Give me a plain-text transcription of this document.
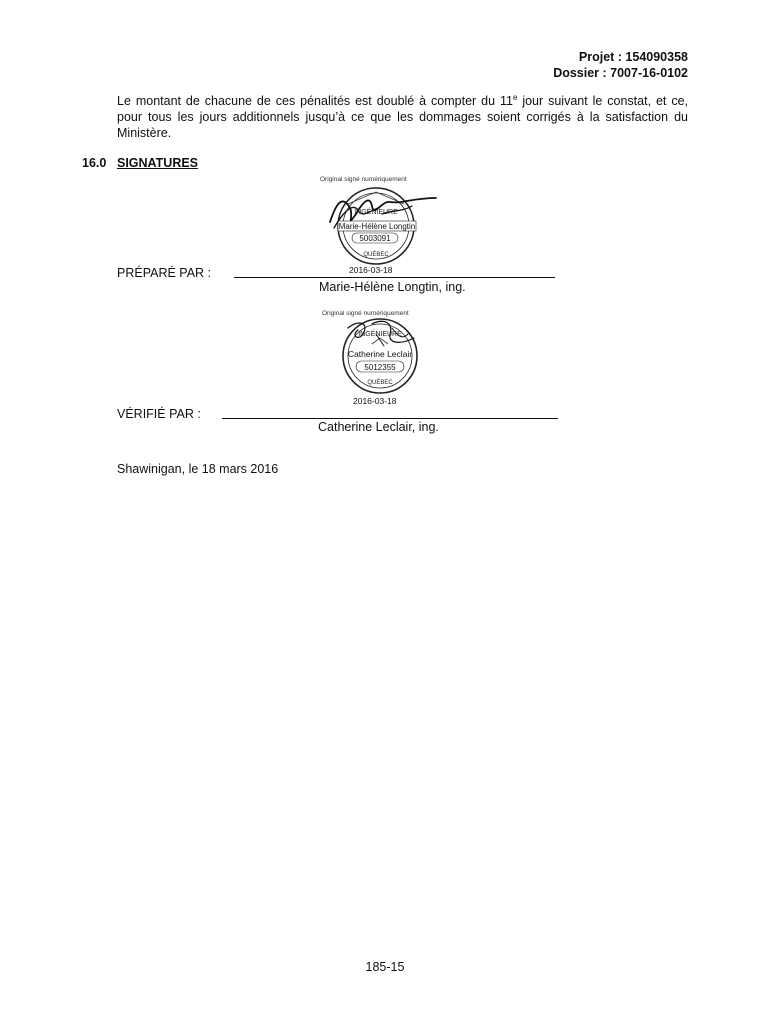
Projet : 154090358
Dossier : 7007-16-0102

Le montant de chacune de ces pénalités est doublé à compter du 11e jour suivant le constat, et ce, pour tous les jours additionnels jusqu’à ce que les dommages soient corrigés à la satisfaction du Ministère.

16.0 SIGNATURES
Original signé numériquement
INGÉNIEURE
Marie-Hélène Longtin
5003091
QUÉBEC
2016-03-18
PRÉPARÉ PAR :
Marie-Hélène Longtin, ing.
Original signé numériquement
INGÉNIEURE
Catherine Leclair
5012355
QUÉBEC
2016-03-18
VÉRIFIÉ PAR :
Catherine Leclair, ing.
Shawinigan, le 18 mars 2016
185-15
